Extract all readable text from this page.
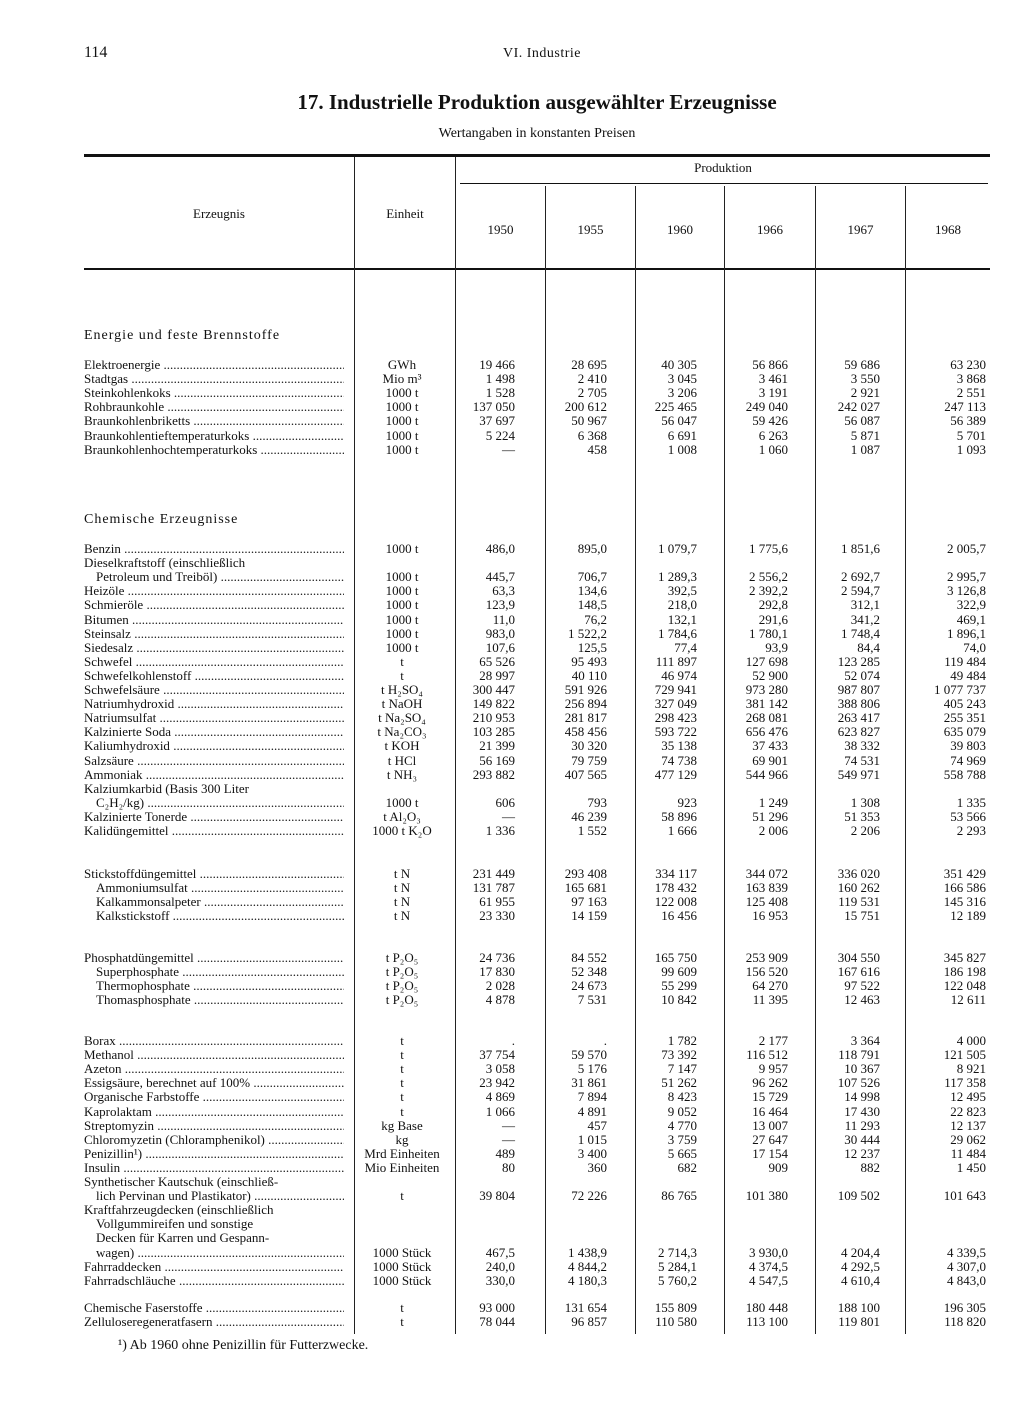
114	VI. Industrie
17. Industrielle Produktion ausgewählter Erzeugnisse
Wertangaben in konstanten Preisen
Erzeugnis	Einheit
Produktion
1950	1955	1960	1966	1967	1968
Energie und feste Brennstoffe
Elektroenergie .....	GWh	19 466	28 695	40 305	56 866	59 686	63 230
Stadtgas .....	Mio m³	1 498	2 410	3 045	3 461	3 550	3 868
Steinkohlenkoks .....	1000 t	1 528	2 705	3 206	3 191	2 921	2 551
Rohbraunkohle .....	1000 t	137 050	200 612	225 465	249 040	242 027	247 113
Braunkohlenbriketts .....	1000 t	37 697	50 967	56 047	59 426	56 087	56 389
Braunkohlentieftemperaturkoks .....	1000 t	5 224	6 368	6 691	6 263	5 871	5 701
Braunkohlenhochtemperaturkoks .....	1000 t	—	458	1 008	1 060	1 087	1 093
Chemische Erzeugnisse
Benzin .....	1000 t	486,0	895,0	1 079,7	1 775,6	1 851,6	2 005,7
Dieselkraftstoff (einschließlich
Petroleum und Treiböl) .....	1000 t	445,7	706,7	1 289,3	2 556,2	2 692,7	2 995,7
Heizöle .....	1000 t	63,3	134,6	392,5	2 392,2	2 594,7	3 126,8
Schmieröle .....	1000 t	123,9	148,5	218,0	292,8	312,1	322,9
Bitumen .....	1000 t	11,0	76,2	132,1	291,6	341,2	469,1
Steinsalz .....	1000 t	983,0	1 522,2	1 784,6	1 780,1	1 748,4	1 896,1
Siedesalz .....	1000 t	107,6	125,5	77,4	93,9	84,4	74,0
Schwefel .....	t	65 526	95 493	111 897	127 698	123 285	119 484
Schwefelkohlenstoff .....	t	28 997	40 110	46 974	52 900	52 074	49 484
Schwefelsäure .....	t H₂SO₄	300 447	591 926	729 941	973 280	987 807	1 077 737
Natriumhydroxid .....	t NaOH	149 822	256 894	327 049	381 142	388 806	405 243
Natriumsulfat .....	t Na₂SO₄	210 953	281 817	298 423	268 081	263 417	255 351
Kalzinierte Soda .....	t Na₂CO₃	103 285	458 456	593 722	656 476	623 827	635 079
Kaliumhydroxid .....	t KOH	21 399	30 320	35 138	37 433	38 332	39 803
Salzsäure .....	t HCl	56 169	79 759	74 738	69 901	74 531	74 969
Ammoniak .....	t NH₃	293 882	407 565	477 129	544 966	549 971	558 788
Kalziumkarbid (Basis 300 Liter
C₂H₂/kg) .....	1000 t	606	793	923	1 249	1 308	1 335
Kalzinierte Tonerde .....	t Al₂O₃	—	46 239	58 896	51 296	51 353	53 566
Kalidüngemittel .....	1000 t K₂O	1 336	1 552	1 666	2 006	2 206	2 293
Stickstoffdüngemittel .....	t N	231 449	293 408	334 117	344 072	336 020	351 429
Ammoniumsulfat .....	t N	131 787	165 681	178 432	163 839	160 262	166 586
Kalkammonsalpeter .....	t N	61 955	97 163	122 008	125 408	119 531	145 316
Kalkstickstoff .....	t N	23 330	14 159	16 456	16 953	15 751	12 189
Phosphatdüngemittel .....	t P₂O₅	24 736	84 552	165 750	253 909	304 550	345 827
Superphosphate .....	t P₂O₅	17 830	52 348	99 609	156 520	167 616	186 198
Thermophosphate .....	t P₂O₅	2 028	24 673	55 299	64 270	97 522	122 048
Thomasphosphate .....	t P₂O₅	4 878	7 531	10 842	11 395	12 463	12 611
Borax .....	t	.	.	1 782	2 177	3 364	4 000
Methanol .....	t	37 754	59 570	73 392	116 512	118 791	121 505
Azeton .....	t	3 058	5 176	7 147	9 957	10 367	8 921
Essigsäure, berechnet auf 100% .....	t	23 942	31 861	51 262	96 262	107 526	117 358
Organische Farbstoffe .....	t	4 869	7 894	8 423	15 729	14 998	12 495
Kaprolaktam .....	t	1 066	4 891	9 052	16 464	17 430	22 823
Streptomyzin .....	kg Base	—	457	4 770	13 007	11 293	12 137
Chloromyzetin (Chloramphenikol) .....	kg	—	1 015	3 759	27 647	30 444	29 062
Penizillin¹) .....	Mrd Einheiten	489	3 400	5 665	17 154	12 237	11 484
Insulin .....	Mio Einheiten	80	360	682	909	882	1 450
Synthetischer Kautschuk (einschließ-
lich Pervinan und Plastikator) .....	t	39 804	72 226	86 765	101 380	109 502	101 643
Kraftfahrzeugdecken (einschließlich
Vollgummireifen und sonstige
Decken für Karren und Gespann-
wagen) .....	1000 Stück	467,5	1 438,9	2 714,3	3 930,0	4 204,4	4 339,5
Fahrraddecken .....	1000 Stück	240,0	4 844,2	5 284,1	4 374,5	4 292,5	4 307,0
Fahrradschläuche .....	1000 Stück	330,0	4 180,3	5 760,2	4 547,5	4 610,4	4 843,0
Chemische Faserstoffe .....	t	93 000	131 654	155 809	180 448	188 100	196 305
Zelluloseregeneratfasern .....	t	78 044	96 857	110 580	113 100	119 801	118 820
¹) Ab 1960 ohne Penizillin für Futterzwecke.
